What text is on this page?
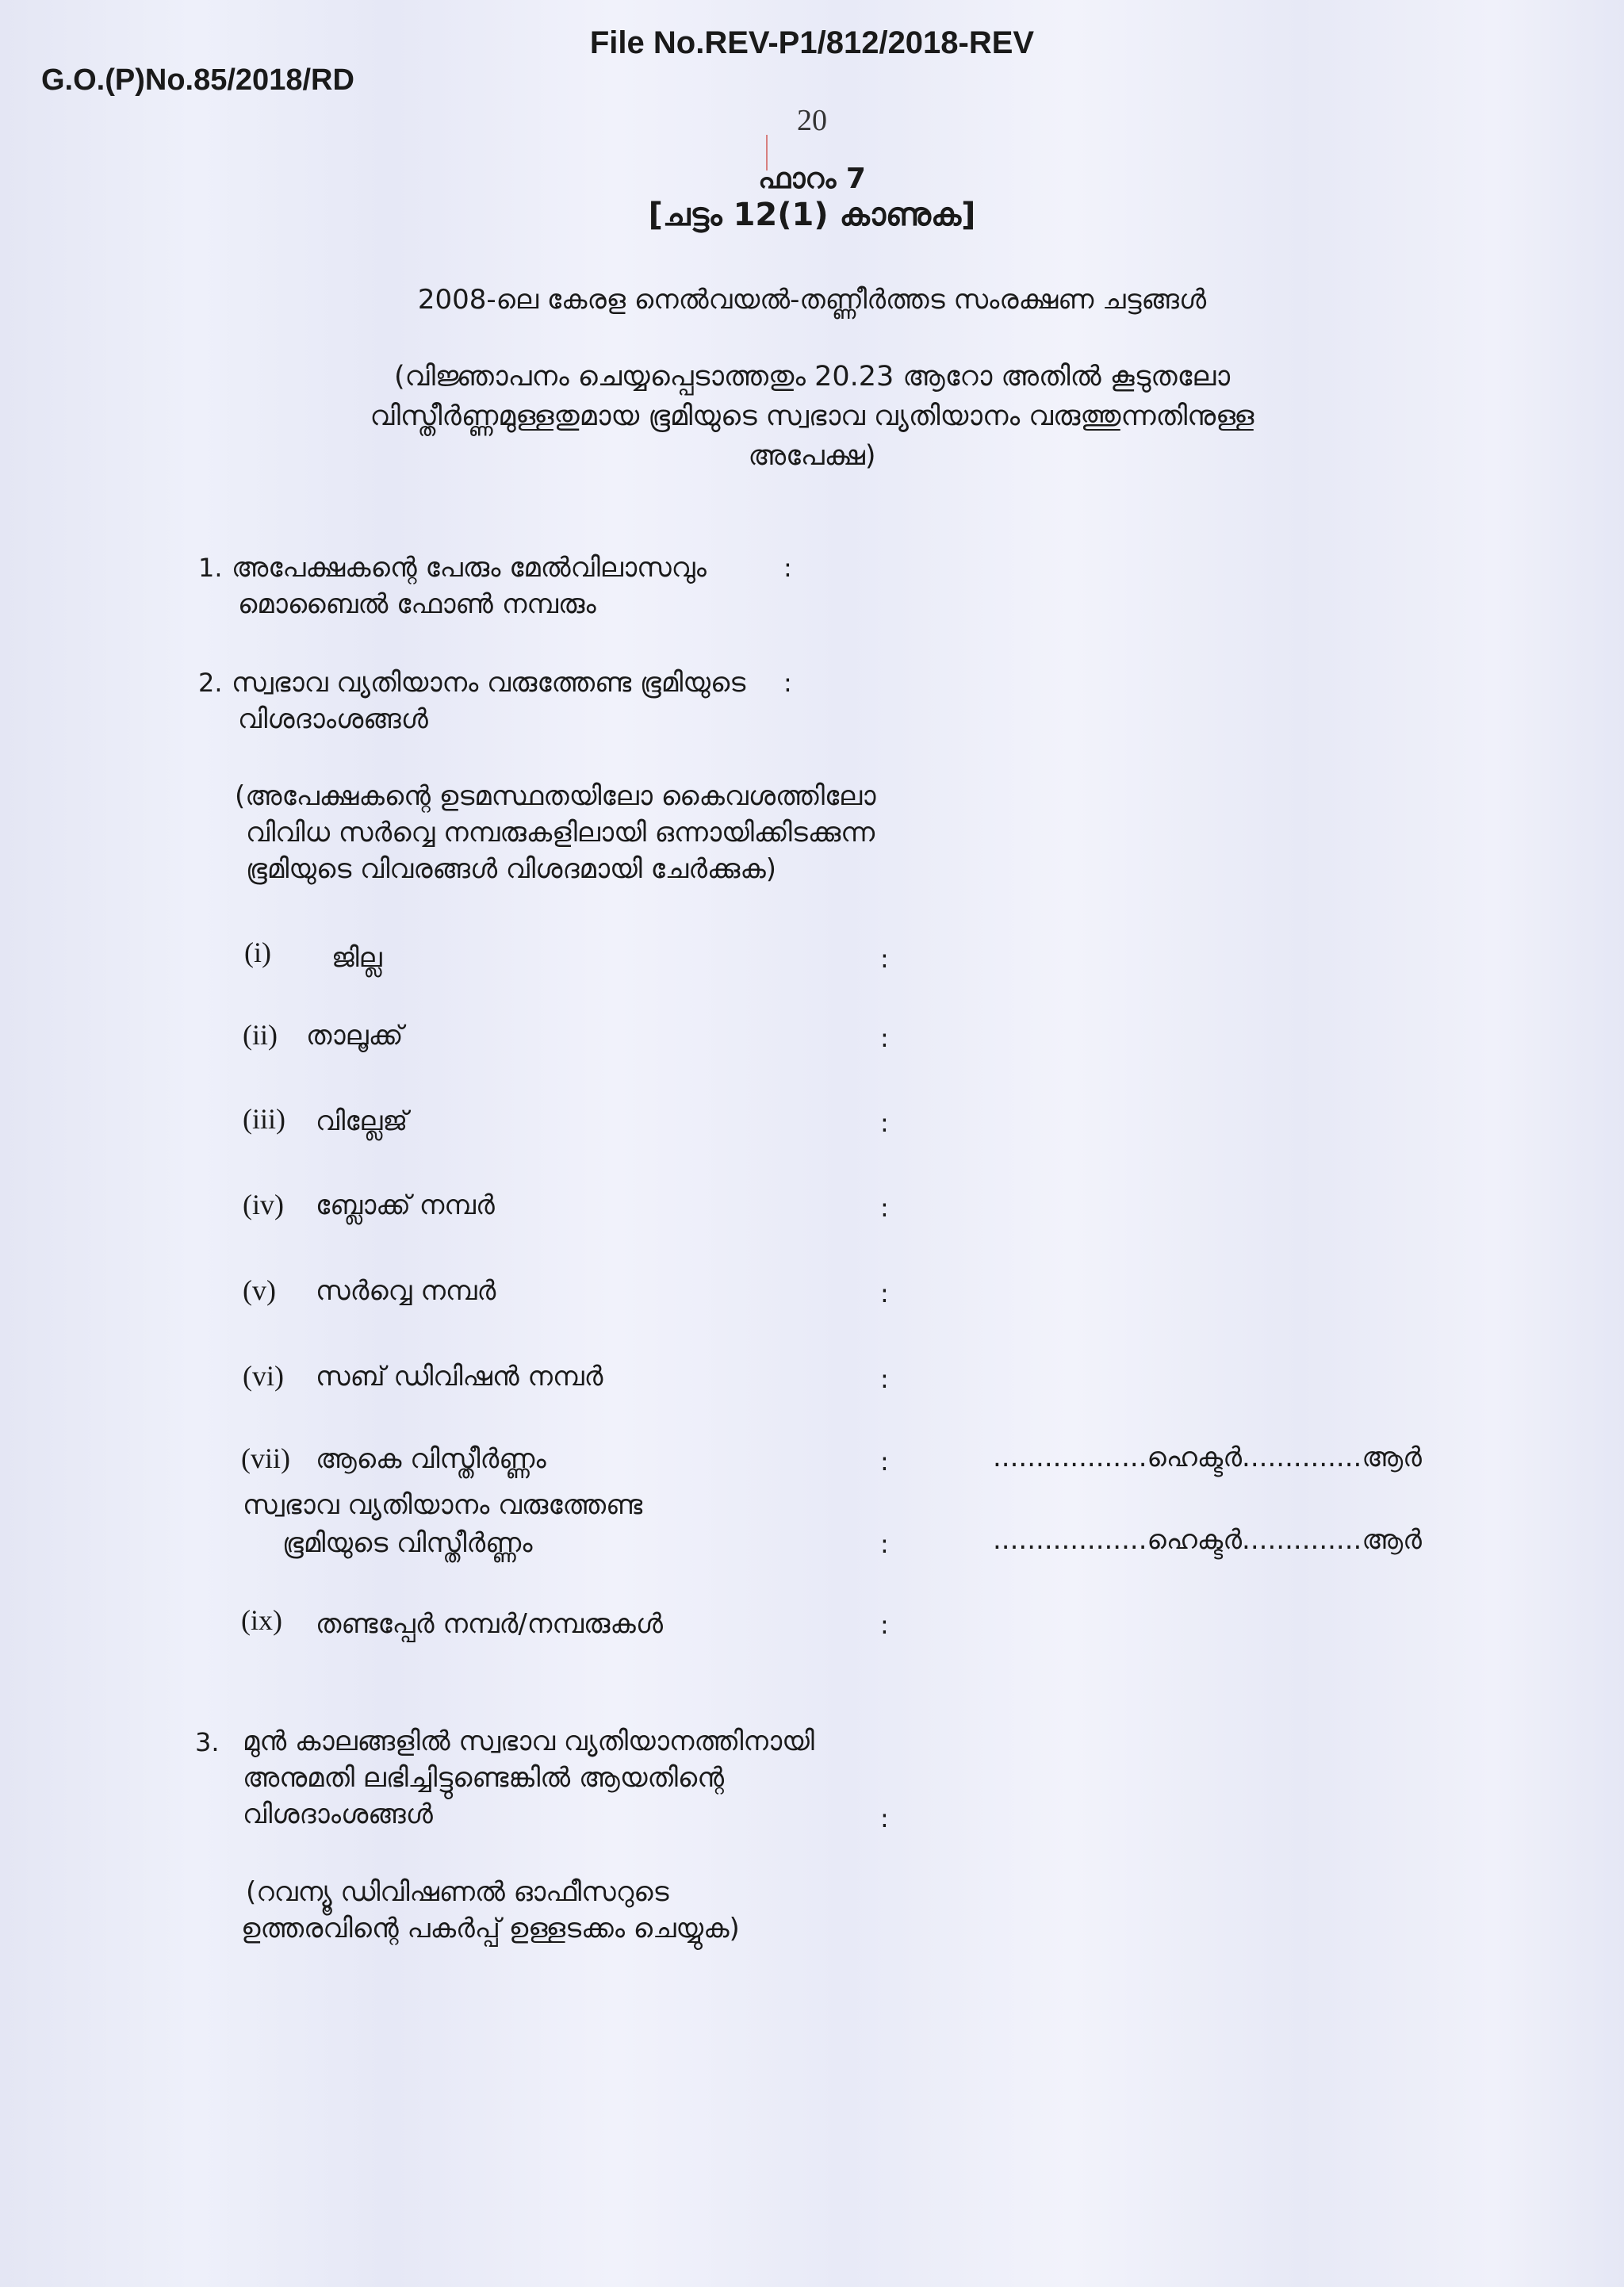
File No.REV-P1/812/2018-REV
G.O.(P)No.85/2018/RD
20
ഫാറം 7
[ചട്ടം 12(1) കാണുക]
2008-ലെ കേരള നെൽവയൽ-തണ്ണീർത്തട സംരക്ഷണ ചട്ടങ്ങൾ
(വിജ്ഞാപനം ചെയ്യപ്പെടാത്തതും 20.23 ആറോ അതിൽ കൂടുതലോ
വിസ്തീർണ്ണമുള്ളതുമായ ഭൂമിയുടെ സ്വഭാവ വ്യതിയാനം വരുത്തുന്നതിനുള്ള
അപേക്ഷ)
1. അപേക്ഷകന്റെ പേരും മേൽവിലാസവും
മൊബൈൽ ഫോൺ നമ്പരും
:
2. സ്വഭാവ വ്യതിയാനം വരുത്തേണ്ട ഭൂമിയുടെ
വിശദാംശങ്ങൾ
:
(അപേക്ഷകന്റെ ഉടമസ്ഥതയിലോ കൈവശത്തിലോ
വിവിധ സർവ്വെ നമ്പരുകളിലായി ഒന്നായിക്കിടക്കുന്ന
ഭൂമിയുടെ വിവരങ്ങൾ വിശദമായി ചേർക്കുക)
(i) ജില്ല	:
(ii) താലൂക്ക്	:
(iii) വില്ലേജ്	:
(iv) ബ്ലോക്ക് നമ്പർ	:
(v) സർവ്വെ നമ്പർ	:
(vi) സബ് ഡിവിഷൻ നമ്പർ	:
(vii) ആകെ വിസ്തീർണ്ണം	:	..................ഹെക്ടർ..............ആർ
സ്വഭാവ വ്യതിയാനം വരുത്തേണ്ട
ഭൂമിയുടെ വിസ്തീർണ്ണം	:	..................ഹെക്ടർ..............ആർ
(ix) തണ്ടപ്പേർ നമ്പർ/നമ്പരുകൾ	:
3. മുൻ കാലങ്ങളിൽ സ്വഭാവ വ്യതിയാനത്തിനായി
അനുമതി ലഭിച്ചിട്ടുണ്ടെങ്കിൽ ആയതിന്റെ
വിശദാംശങ്ങൾ	:
(റവന്യൂ ഡിവിഷണൽ ഓഫീസറുടെ
ഉത്തരവിന്റെ പകർപ്പ് ഉള്ളടക്കം ചെയ്യുക)
